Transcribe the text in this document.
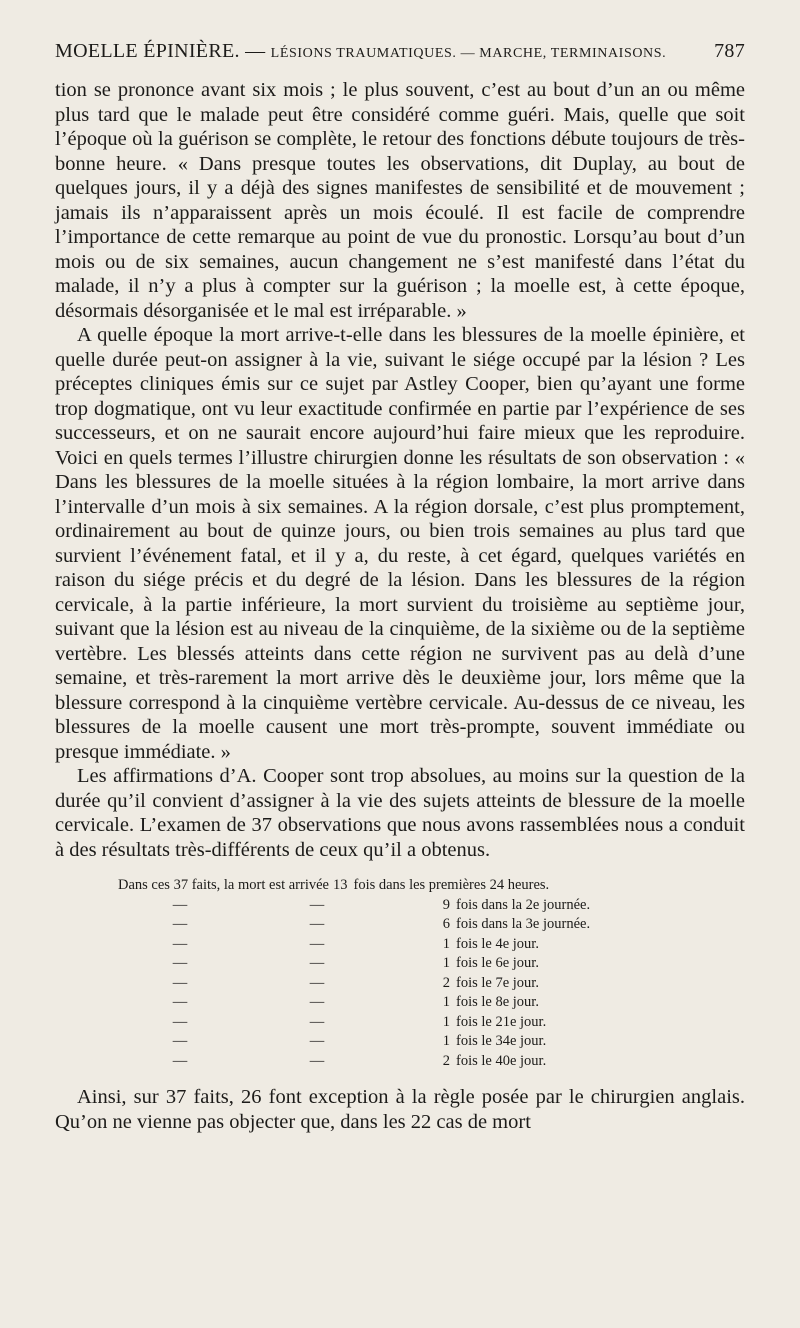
MOELLE ÉPINIÈRE. — LÉSIONS TRAUMATIQUES. — MARCHE, TERMINAISONS. 787

tion se prononce avant six mois ; le plus souvent, c’est au bout d’un an ou même plus tard que le malade peut être considéré comme guéri. Mais, quelle que soit l’époque où la guérison se complète, le retour des fonctions débute toujours de très-bonne heure. « Dans presque toutes les observations, dit Duplay, au bout de quelques jours, il y a déjà des signes manifestes de sensibilité et de mouvement ; jamais ils n’apparaissent après un mois écoulé. Il est facile de comprendre l’importance de cette remarque au point de vue du pronostic. Lorsqu’au bout d’un mois ou de six semaines, aucun changement ne s’est manifesté dans l’état du malade, il n’y a plus à compter sur la guérison ; la moelle est, à cette époque, désormais désorganisée et le mal est irréparable. »

A quelle époque la mort arrive-t-elle dans les blessures de la moelle épinière, et quelle durée peut-on assigner à la vie, suivant le siége occupé par la lésion ? Les préceptes cliniques émis sur ce sujet par Astley Cooper, bien qu’ayant une forme trop dogmatique, ont vu leur exactitude confirmée en partie par l’expérience de ses successeurs, et on ne saurait encore aujourd’hui faire mieux que les reproduire. Voici en quels termes l’illustre chirurgien donne les résultats de son observation : « Dans les blessures de la moelle situées à la région lombaire, la mort arrive dans l’intervalle d’un mois à six semaines. A la région dorsale, c’est plus promptement, ordinairement au bout de quinze jours, ou bien trois semaines au plus tard que survient l’événement fatal, et il y a, du reste, à cet égard, quelques variétés en raison du siége précis et du degré de la lésion. Dans les blessures de la région cervicale, à la partie inférieure, la mort survient du troisième au septième jour, suivant que la lésion est au niveau de la cinquième, de la sixième ou de la septième vertèbre. Les blessés atteints dans cette région ne survivent pas au delà d’une semaine, et très-rarement la mort arrive dès le deuxième jour, lors même que la blessure correspond à la cinquième vertèbre cervicale. Au-dessus de ce niveau, les blessures de la moelle causent une mort très-prompte, souvent immédiate ou presque immédiate. »

Les affirmations d’A. Cooper sont trop absolues, au moins sur la question de la durée qu’il convient d’assigner à la vie des sujets atteints de blessure de la moelle cervicale. L’examen de 37 observations que nous avons rassemblées nous a conduit à des résultats très-différents de ceux qu’il a obtenus.

Dans ces 37 faits, la mort est arrivée 13 fois dans les premières 24 heures.
—	—	9 fois dans la 2e journée.
—	—	6 fois dans la 3e journée.
—	—	1 fois le 4e jour.
—	—	1 fois le 6e jour.
—	—	2 fois le 7e jour.
—	—	1 fois le 8e jour.
—	—	1 fois le 21e jour.
—	—	1 fois le 34e jour.
—	—	2 fois le 40e jour.

Ainsi, sur 37 faits, 26 font exception à la règle posée par le chirurgien anglais. Qu’on ne vienne pas objecter que, dans les 22 cas de mort
